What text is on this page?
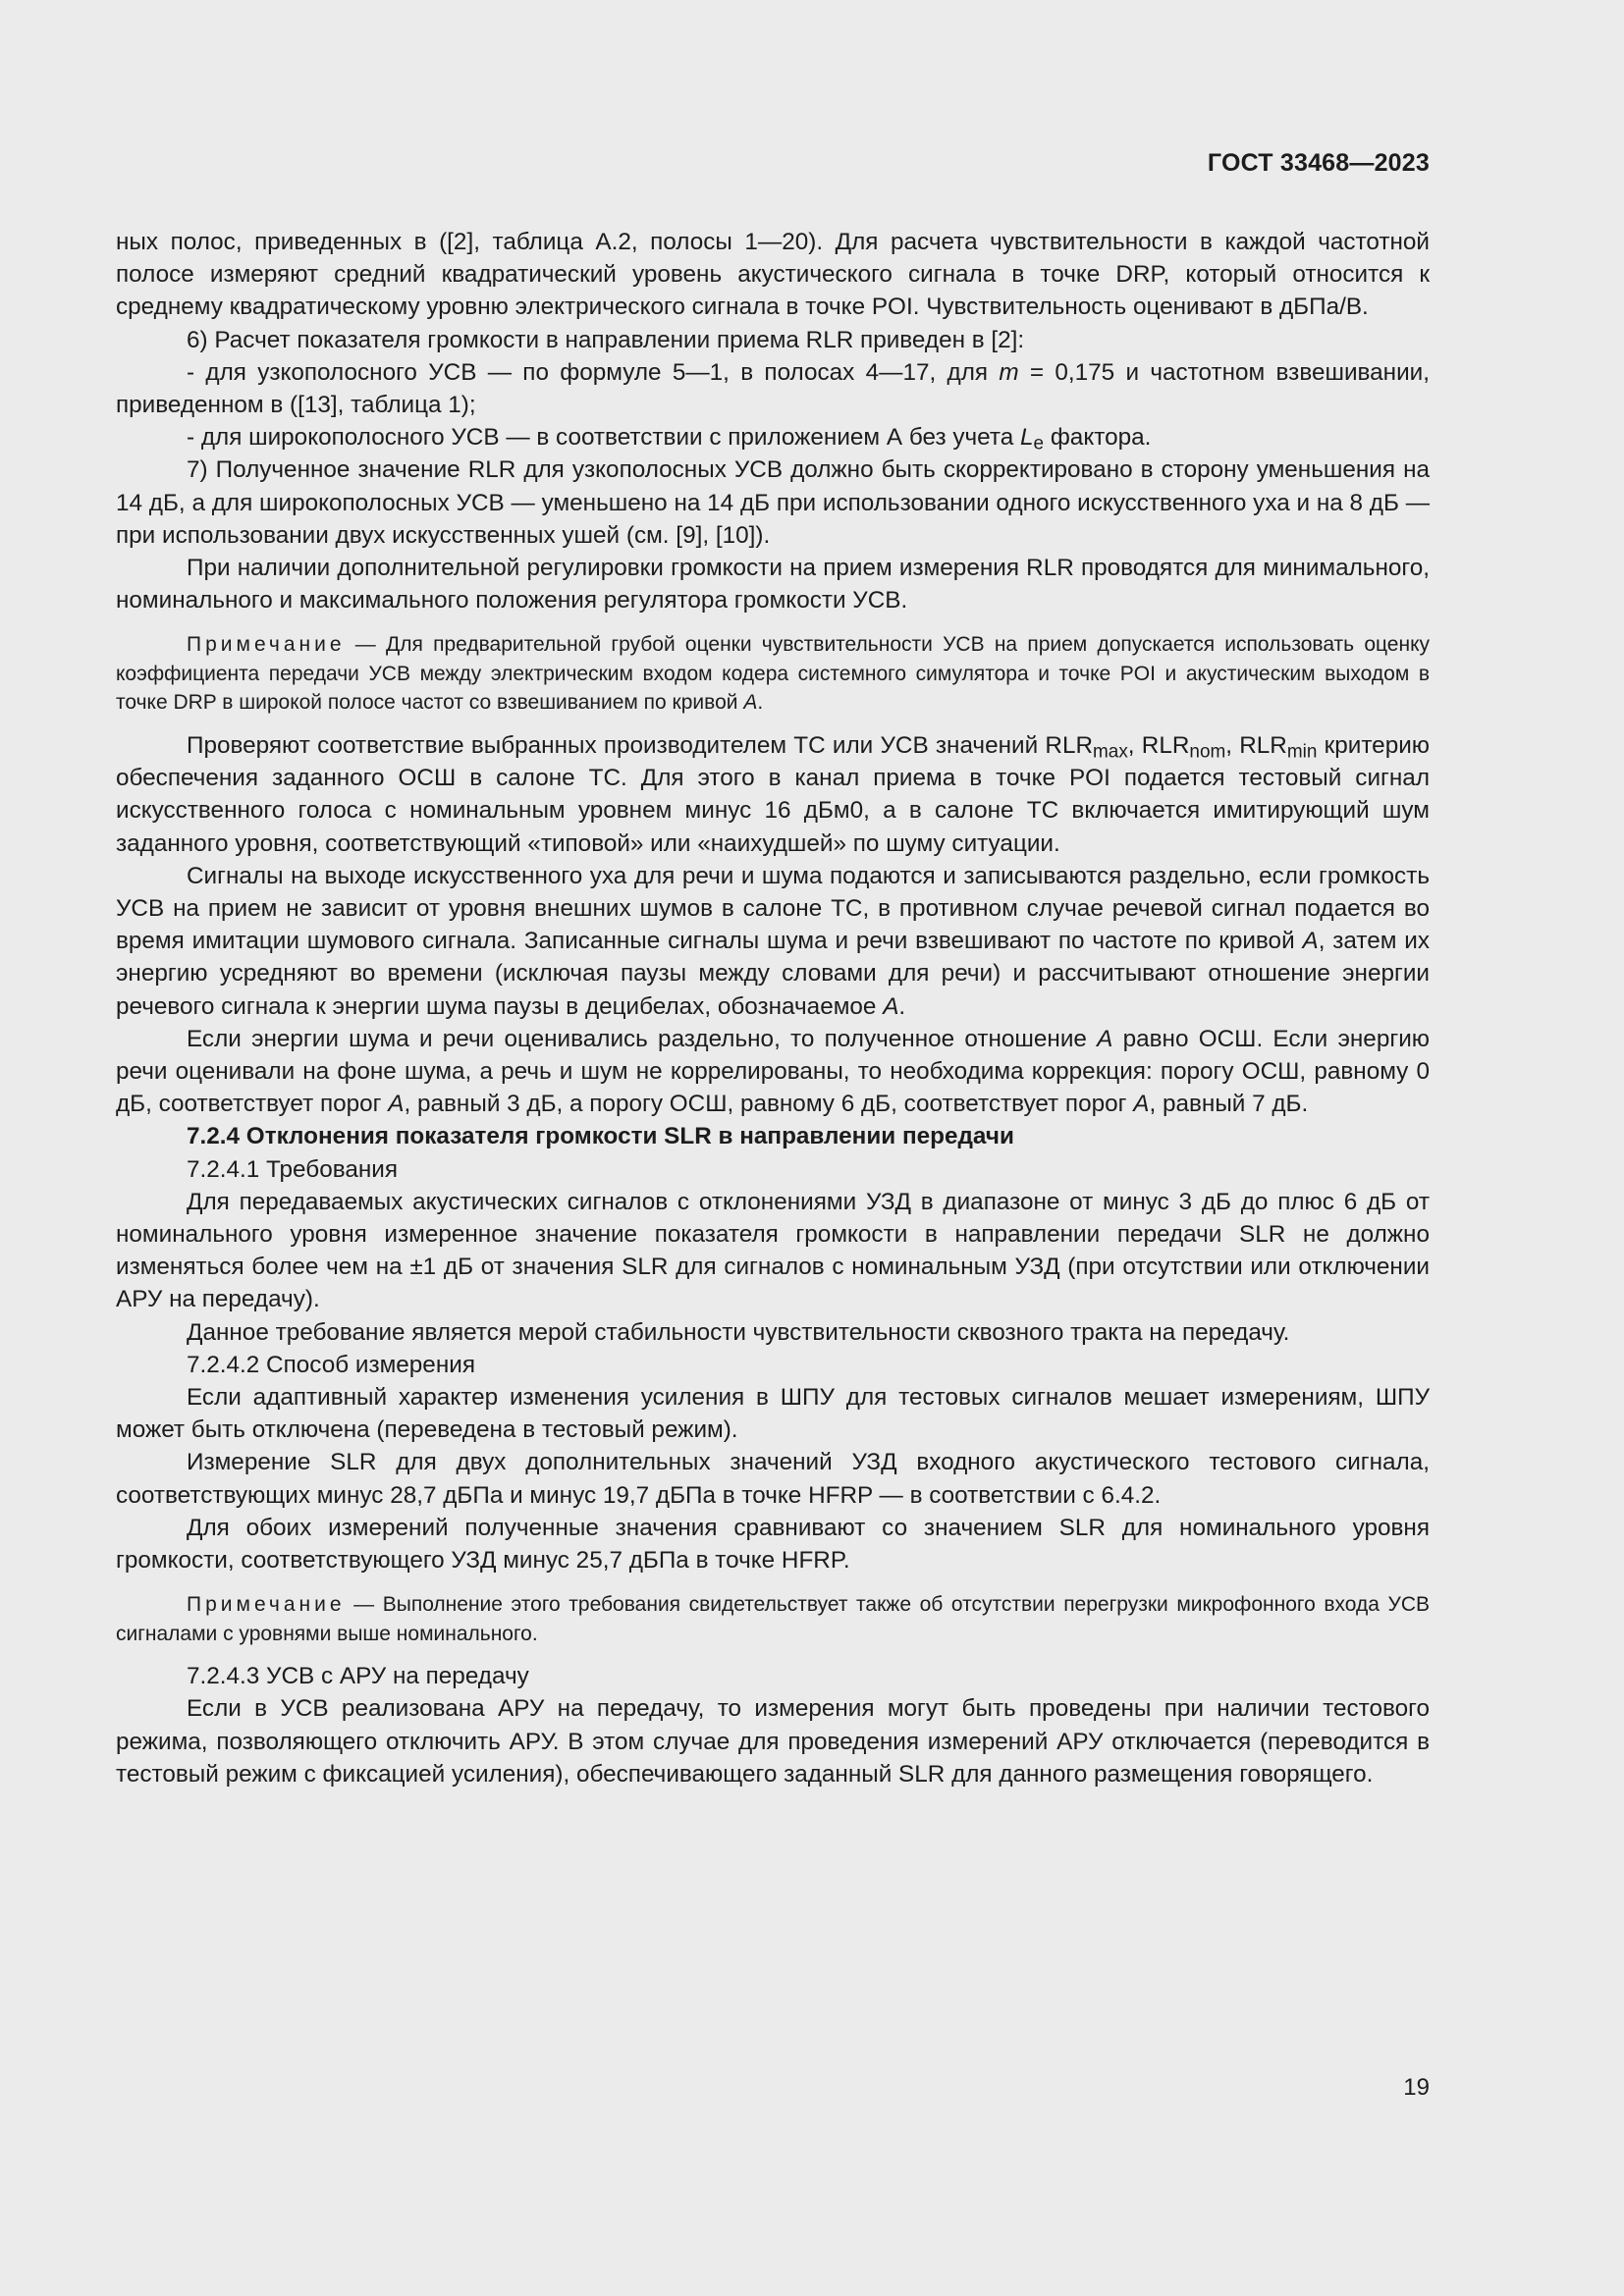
ГОСТ 33468—2023

ных полос, приведенных в ([2], таблица А.2, полосы 1—20). Для расчета чувствительности в каждой частотной полосе измеряют средний квадратический уровень акустического сигнала в точке DRP, который относится к среднему квадратическому уровню электрического сигнала в точке POI. Чувствительность оценивают в дБПа/В.

6) Расчет показателя громкости в направлении приема RLR приведен в [2]:

- для узкополосного УСВ — по формуле 5—1, в полосах 4—17, для m = 0,175 и частотном взвешивании, приведенном в ([13], таблица 1);

- для широкополосного УСВ — в соответствии с приложением А без учета $L_e$ фактора.

7) Полученное значение RLR для узкополосных УСВ должно быть скорректировано в сторону уменьшения на 14 дБ, а для широкополосных УСВ — уменьшено на 14 дБ при использовании одного искусственного уха и на 8 дБ — при использовании двух искусственных ушей (см. [9], [10]).

При наличии дополнительной регулировки громкости на прием измерения RLR проводятся для минимального, номинального и максимального положения регулятора громкости УСВ.

Примечание — Для предварительной грубой оценки чувствительности УСВ на прием допускается использовать оценку коэффициента передачи УСВ между электрическим входом кодера системного симулятора и точке POI и акустическим выходом в точке DRP в широкой полосе частот со взвешиванием по кривой А.

Проверяют соответствие выбранных производителем ТС или УСВ значений $RLR_{max}$, $RLR_{nom}$, $RLR_{min}$ критерию обеспечения заданного ОСШ в салоне ТС. Для этого в канал приема в точке POI подается тестовый сигнал искусственного голоса с номинальным уровнем минус 16 дБм0, а в салоне ТС включается имитирующий шум заданного уровня, соответствующий «типовой» или «наихудшей» по шуму ситуации.

Сигналы на выходе искусственного уха для речи и шума подаются и записываются раздельно, если громкость УСВ на прием не зависит от уровня внешних шумов в салоне ТС, в противном случае речевой сигнал подается во время имитации шумового сигнала. Записанные сигналы шума и речи взвешивают по частоте по кривой А, затем их энергию усредняют во времени (исключая паузы между словами для речи) и рассчитывают отношение энергии речевого сигнала к энергии шума паузы в децибелах, обозначаемое А.

Если энергии шума и речи оценивались раздельно, то полученное отношение А равно ОСШ. Если энергию речи оценивали на фоне шума, а речь и шум не коррелированы, то необходима коррекция: порогу ОСШ, равному 0 дБ, соответствует порог А, равный 3 дБ, а порогу ОСШ, равному 6 дБ, соответствует порог А, равный 7 дБ.

7.2.4 Отклонения показателя громкости SLR в направлении передачи

7.2.4.1 Требования

Для передаваемых акустических сигналов с отклонениями УЗД в диапазоне от минус 3 дБ до плюс 6 дБ от номинального уровня измеренное значение показателя громкости в направлении передачи SLR не должно изменяться более чем на ±1 дБ от значения SLR для сигналов с номинальным УЗД (при отсутствии или отключении АРУ на передачу).

Данное требование является мерой стабильности чувствительности сквозного тракта на передачу.

7.2.4.2 Способ измерения

Если адаптивный характер изменения усиления в ШПУ для тестовых сигналов мешает измерениям, ШПУ может быть отключена (переведена в тестовый режим).

Измерение SLR для двух дополнительных значений УЗД входного акустического тестового сигнала, соответствующих минус 28,7 дБПа и минус 19,7 дБПа в точке HFRP — в соответствии с 6.4.2.

Для обоих измерений полученные значения сравнивают со значением SLR для номинального уровня громкости, соответствующего УЗД минус 25,7 дБПа в точке HFRP.

Примечание — Выполнение этого требования свидетельствует также об отсутствии перегрузки микрофонного входа УСВ сигналами с уровнями выше номинального.

7.2.4.3 УСВ с АРУ на передачу

Если в УСВ реализована АРУ на передачу, то измерения могут быть проведены при наличии тестового режима, позволяющего отключить АРУ. В этом случае для проведения измерений АРУ отключается (переводится в тестовый режим с фиксацией усиления), обеспечивающего заданный SLR для данного размещения говорящего.

19
